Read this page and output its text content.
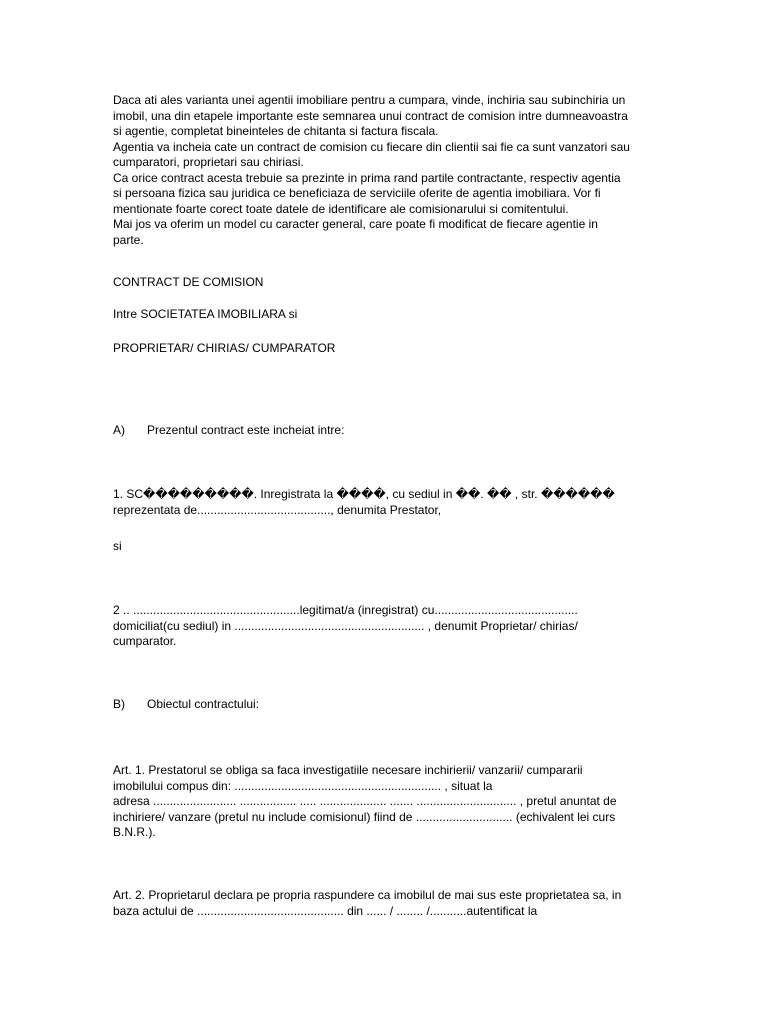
Daca ati ales varianta unei agentii imobiliare pentru a cumpara, vinde, inchiria sau subinchiria un
imobil, una din etapele importante este semnarea unui contract de comision intre dumneavoastra
si agentie, completat bineinteles de chitanta si factura fiscala.
Agentia va incheia cate un contract de comision cu fiecare din clientii sai fie ca sunt vanzatori sau
cumparatori, proprietari sau chiriasi.
Ca orice contract acesta trebuie sa prezinte in prima rand partile contractante, respectiv agentia
si persoana fizica sau juridica ce beneficiaza de serviciile oferite de agentia imobiliara. Vor fi
mentionate foarte corect toate datele de identificare ale comisionarului si comitentului.
Mai jos va oferim un model cu caracter general, care poate fi modificat de fiecare agentie in
parte.
CONTRACT DE COMISION
Intre SOCIETATEA IMOBILIARA si
PROPRIETAR/ CHIRIAS/ CUMPARATOR
A) Prezentul contract este incheiat intre:
1. SC���������. Inregistrata la ����, cu sediul in ��. �� , str. ������
reprezentata de........................................, denumita Prestator,
si
2 .. ..................................................legitimat/a (inregistrat) cu...........................................
domiciliat(cu sediul) in ......................................................... , denumit Proprietar/ chirias/
cumparator.
B) Obiectul contractului:
Art. 1. Prestatorul se obliga sa faca investigatiile necesare inchirierii/ vanzarii/ cumpararii
imobilului compus din: .............................................................. , situat la
adresa ......................... ................. ..... .................... ....... .............................. , pretul anuntat de
inchiriere/ vanzare (pretul nu include comisionul) fiind de ............................. (echivalent lei curs
B.N.R.).
Art. 2. Proprietarul declara pe propria raspundere ca imobilul de mai sus este proprietatea sa, in
baza actului de ............................................ din ...... / ........ /...........autentificat la
